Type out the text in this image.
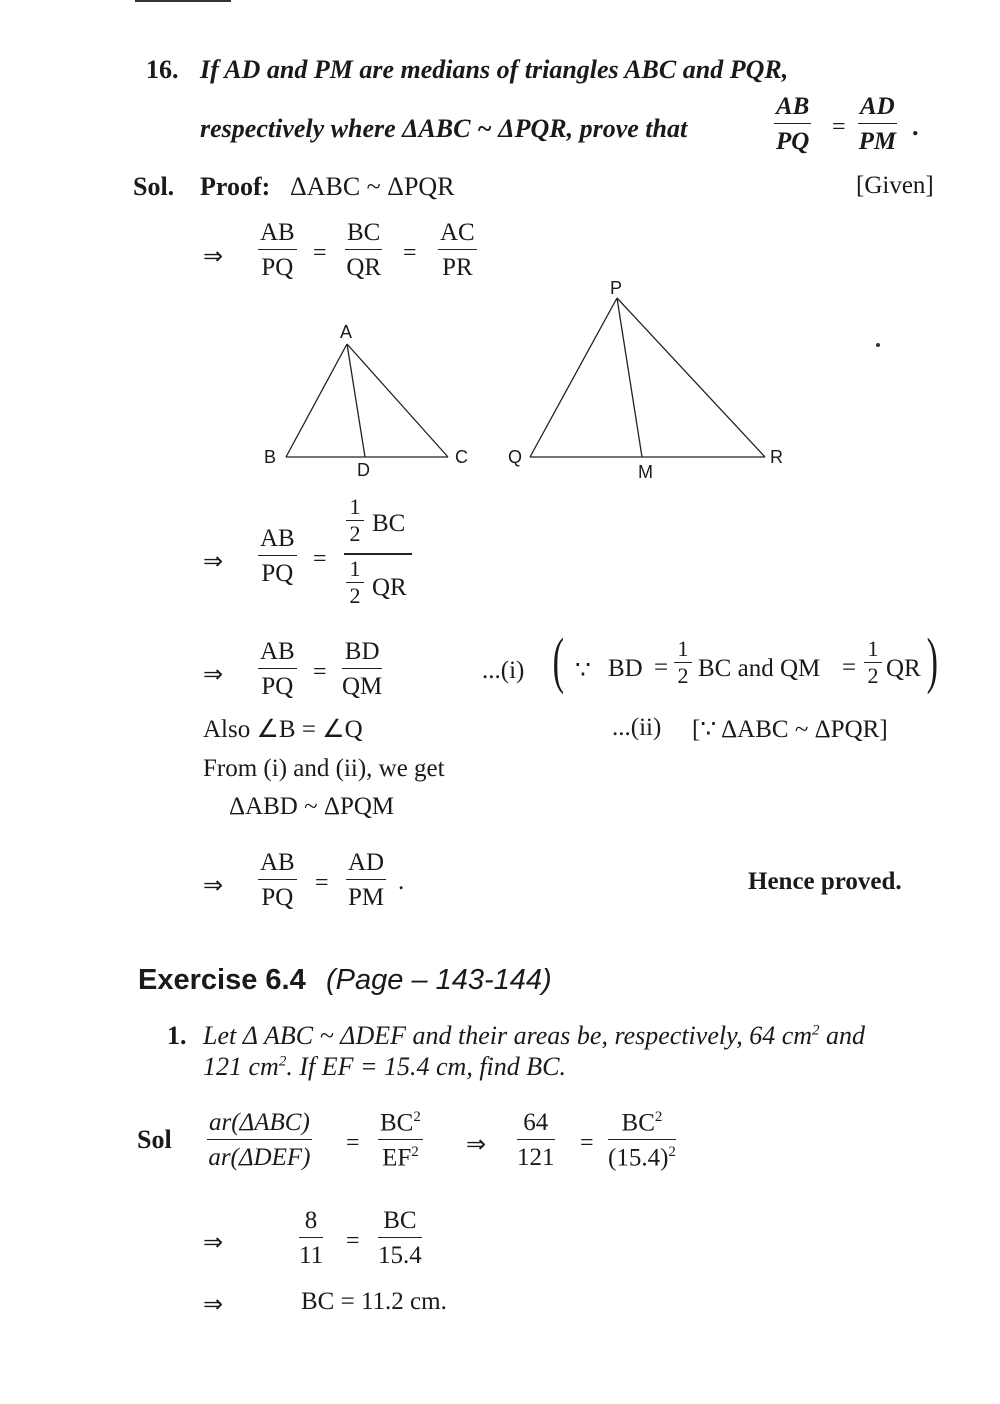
16. If AD and PM are medians of triangles ABC and PQR,
respectively where ΔABC ~ ΔPQR, prove that	$\frac{AB}{PQ} = \frac{AD}{PM}$ .
Sol. Proof: ΔABC ~ ΔPQR	[Given]
⇒ $\frac{AB}{PQ} = \frac{BC}{QR} = \frac{AC}{PR}$
A
B	C
D
P
Q	R
M
⇒ $\frac{AB}{PQ}$ =
$\frac{1}{2}$ BC
$\frac{1}{2}$ QR
⇒ $\frac{AB}{PQ} = \frac{BD}{QM}$	...(i) ( ∵ BD = $\frac{1}{2}$ BC and QM = $\frac{1}{2}$ QR )
Also ∠B = ∠Q	...(ii) [∵ ΔABC ~ ΔPQR]
From (i) and (ii), we get
ΔABD ~ ΔPQM
⇒ $\frac{AB}{PQ} = \frac{AD}{PM}$ .	Hence proved.
Exercise 6.4 (Page – 143-144)
1. Let Δ ABC ~ ΔDEF and their areas be, respectively, 64 $cm^2$ and
121 $cm^2$. If EF = 15.4 cm, find BC.
Sol
ar(ΔABC)
ar(ΔDEF)
= $\frac{BC^2}{EF^2}$ ⇒ $\frac{64}{121} = \frac{BC^2}{(15.4)^2}$
⇒	$\frac{8}{11} = \frac{BC}{15.4}$
⇒	BC = 11.2 cm.
